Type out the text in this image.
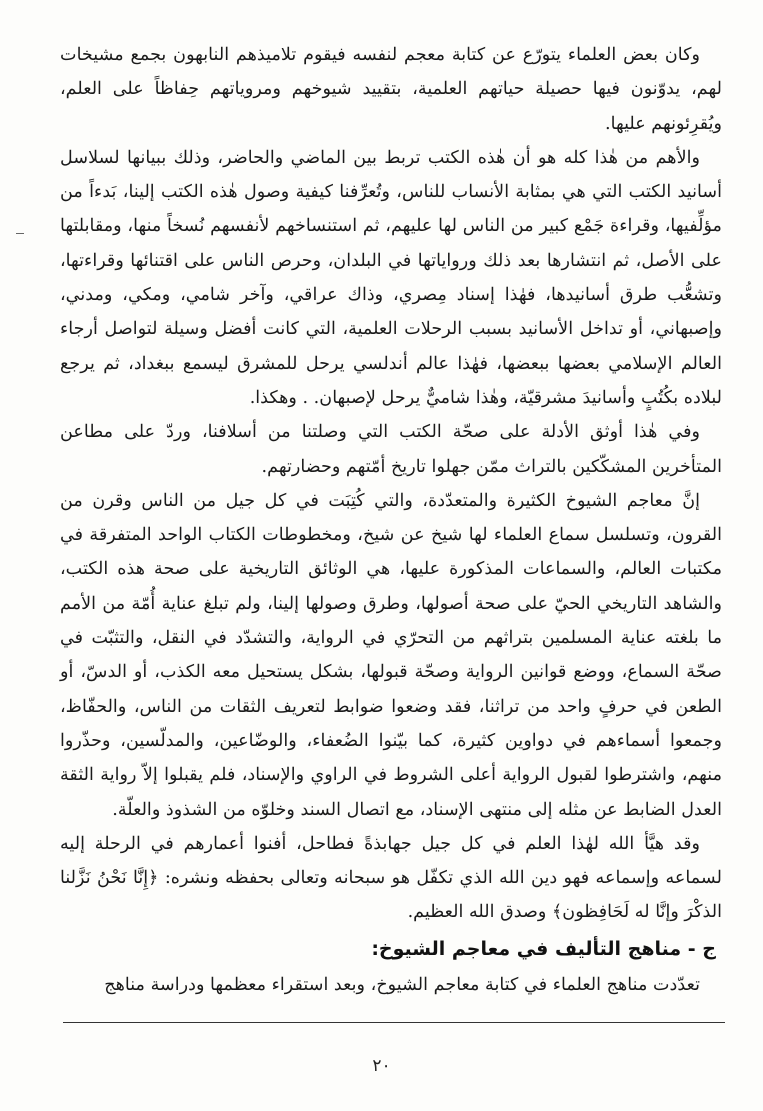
وكان بعض العلماء يتورّع عن كتابة معجم لنفسه فيقوم تلاميذهم النابهون بجمع مشيخات لهم، يدوّنون فيها حصيلة حياتهم العلمية، بتقييد شيوخهم ومروياتهم حِفاظاً على العلم، ويُقرِئونهم عليها.

والأهم من هٰذا كله هو أن هٰذه الكتب تربط بين الماضي والحاضر، وذلك ببيانها لسلاسل أسانيد الكتب التي هي بمثابة الأنساب للناس، وتُعرِّفنا كيفية وصول هٰذه الكتب إلينا، بَدءاً من مؤلِّفيها، وقراءة جَمْع كبير من الناس لها عليهم، ثم استنساخهم لأنفسهم نُسخاً منها، ومقابلتها على الأصل، ثم انتشارها بعد ذلك ورواياتها في البلدان، وحرص الناس على اقتنائها وقراءتها، وتشعُّب طرق أسانيدها، فهٰذا إسناد مِصري، وذاك عراقي، وآخر شامي، ومكي، ومدني، وإصبهاني، أو تداخل الأسانيد بسبب الرحلات العلمية، التي كانت أفضل وسيلة لتواصل أرجاء العالم الإسلامي بعضها ببعضها، فهٰذا عالم أندلسي يرحل للمشرق ليسمع ببغداد، ثم يرجع لبلاده بكُتُبٍ وأسانيدَ مشرقيّة، وهٰذا شاميٌّ يرحل لإصبهان. . وهكذا.

وفي هٰذا أوثق الأدلة على صحّة الكتب التي وصلتنا من أسلافنا، وردّ على مطاعن المتأخرين المشكّكين بالتراث ممّن جهلوا تاريخ أمّتهم وحضارتهم.

إنَّ معاجم الشيوخ الكثيرة والمتعدّدة، والتي كُتِبَت في كل جيل من الناس وقرن من القرون، وتسلسل سماع العلماء لها شيخ عن شيخ، ومخطوطات الكتاب الواحد المتفرقة في مكتبات العالم، والسماعات المذكورة عليها، هي الوثائق التاريخية على صحة هذه الكتب، والشاهد التاريخي الحيّ على صحة أصولها، وطرق وصولها إلينا، ولم تبلغ عناية أُمّة من الأمم ما بلغته عناية المسلمين بتراثهم من التحرّي في الرواية، والتشدّد في النقل، والتثبّت في صحّة السماع، ووضع قوانين الرواية وصحّة قبولها، بشكل يستحيل معه الكذب، أو الدسّ، أو الطعن في حرفٍ واحد من تراثنا، فقد وضعوا ضوابط لتعريف الثقات من الناس، والحفّاظ، وجمعوا أسماءهم في دواوين كثيرة، كما بيّنوا الضُعفاء، والوضّاعين، والمدلّسين، وحذّروا منهم، واشترطوا لقبول الرواية أعلى الشروط في الراوي والإسناد، فلم يقبلوا إلاّ رواية الثقة العدل الضابط عن مثله إلى منتهى الإسناد، مع اتصال السند وخلوّه من الشذوذ والعلّة.

وقد هيَّأ الله لهٰذا العلم في كل جيل جهابذةً فطاحل، أفنوا أعمارهم في الرحلة إليه لسماعه وإسماعه فهو دين الله الذي تكفّل هو سبحانه وتعالى بحفظه ونشره: ﴿إِنَّا نَحْنُ نَزَّلنا الذكْرَ وإنَّا له لَحَافِظون﴾ وصدق الله العظيم.

ج - مناهج التأليف في معاجم الشيوخ:

تعدّدت مناهج العلماء في كتابة معاجم الشيوخ، وبعد استقراء معظمها ودراسة مناهج

٢٠
